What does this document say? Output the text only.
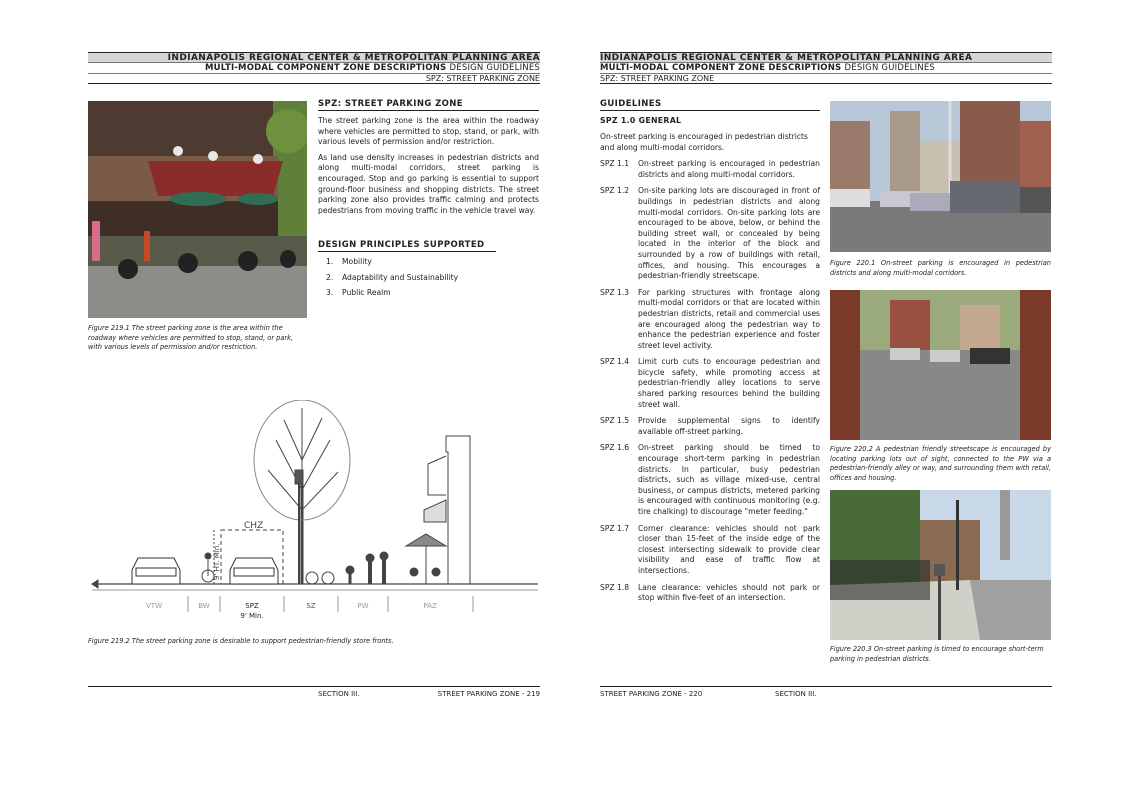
INDIANAPOLIS REGIONAL CENTER & METROPOLITAN PLANNING AREA
MULTI-MODAL COMPONENT ZONE DESCRIPTIONS DESIGN GUIDELINES
SPZ: STREET PARKING ZONE
Figure 219.1 The street parking zone is the area within the roadway where vehicles are permitted to stop, stand, or park, with various levels of permission and/or restriction.
SPZ: STREET PARKING ZONE

The street parking zone is the area within the roadway where vehicles are permitted to stop, stand, or park, with various levels of permission and/or restriction.

As land use density increases in pedestrian districts and along multi-modal corridors, street parking is encouraged. Stop and go parking is essential to support ground-floor business and shopping districts. The street parking zone also provides traffic calming and protects pedestrians from moving traffic in the vehicle travel way.

DESIGN PRINCIPLES SUPPORTED
1. Mobility
2. Adaptability and Sustainability
3. Public Realm
VTW	BW	SPZ	SZ	PW	PAZ
9' Min.
CHZ
9' HT. Min.
Figure 219.2 The street parking zone is desirable to support pedestrian-friendly store fronts.
SECTION III.	STREET PARKING ZONE - 219
INDIANAPOLIS REGIONAL CENTER & METROPOLITAN PLANNING AREA
MULTI-MODAL COMPONENT ZONE DESCRIPTIONS DESIGN GUIDELINES
SPZ: STREET PARKING ZONE
GUIDELINES
SPZ 1.0 GENERAL

On-street parking is encouraged in pedestrian districts and along multi-modal corridors.

SPZ 1.1	On-street parking is encouraged in pedestrian districts and along multi-modal corridors.
SPZ 1.2	On-site parking lots are discouraged in front of buildings in pedestrian districts and along multi-modal corridors. On-site parking lots are encouraged to be above, below, or behind the building street wall, or concealed by being located in the interior of the block and surrounded by a row of buildings with retail, offices, and housing. This encourages a pedestrian-friendly streetscape.
SPZ 1.3	For parking structures with frontage along multi-modal corridors or that are located within pedestrian districts, retail and commercial uses are encouraged along the pedestrian way to enhance the pedestrian experience and foster street level activity.
SPZ 1.4	Limit curb cuts to encourage pedestrian and bicycle safety, while promoting access at pedestrian-friendly alley locations to serve shared parking resources behind the building street wall.
SPZ 1.5	Provide supplemental signs to identify available off-street parking.
SPZ 1.6	On-street parking should be timed to encourage short-term parking in pedestrian districts. In particular, busy pedestrian districts, such as village mixed-use, central business, or campus districts, metered parking is encouraged with continuous monitoring (e.g. tire chalking) to discourage "meter feeding."
SPZ 1.7	Corner clearance: vehicles should not park closer than 15-feet of the inside edge of the closest intersecting sidewalk to provide clear visibility and ease of traffic flow at intersections.
SPZ 1.8	Lane clearance: vehicles should not park or stop within five-feet of an intersection.
Figure 220.1 On-street parking is encouraged in pedestrian districts and along multi-modal corridors.
Figure 220.2 A pedestrian friendly streetscape is encouraged by locating parking lots out of sight, connected to the PW via a pedestrian-friendly alley or way, and surrounding them with retail, offices and housing.
Figure 220.3 On-street parking is timed to encourage short-term parking in pedestrian districts.
STREET PARKING ZONE - 220	SECTION III.
